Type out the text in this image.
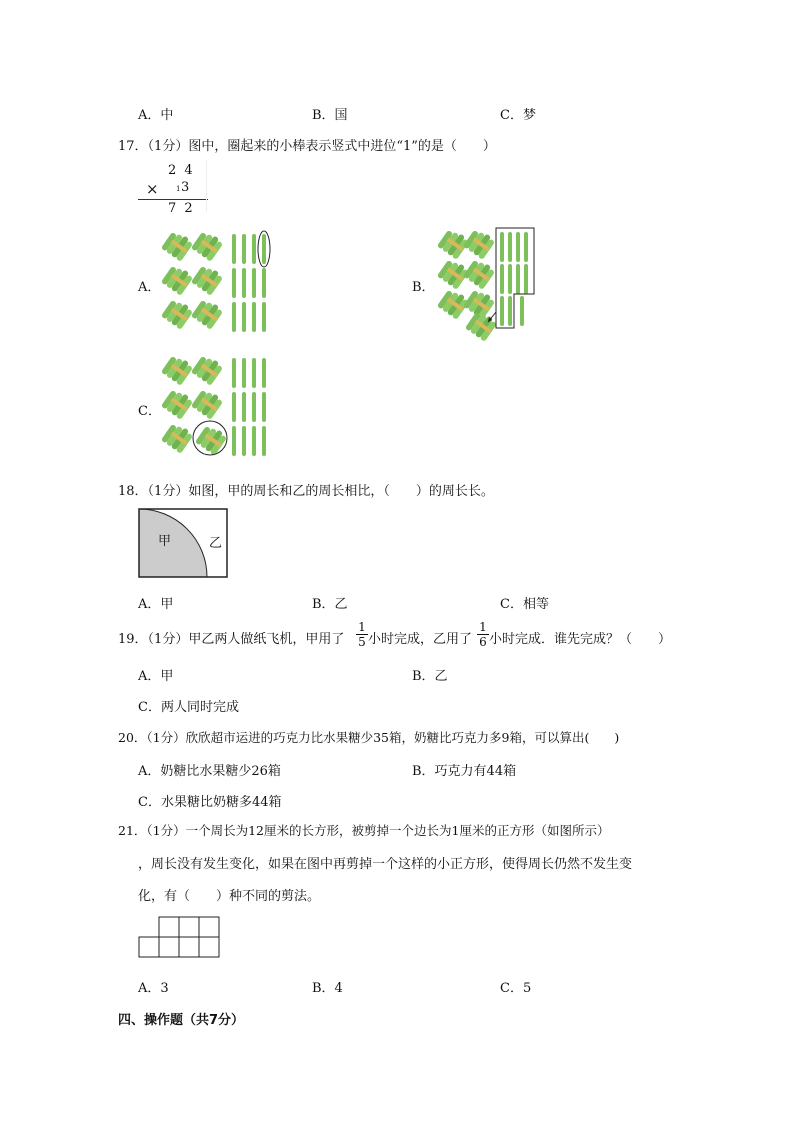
A．中	B．国	C．梦
17．（1分）图中，圈起来的小棒表示竖式中进位“1”的是（　　）
2 4
× 1 3
7 2
A．	B．
C．
18．（1分）如图，甲的周长和乙的周长相比，（　　）的周长长。
甲	乙
A．甲	B．乙	C．相等
19．（1分）甲乙两人做纸飞机，甲用了 $\frac{1}{5}$ 小时完成，乙用了 $\frac{1}{6}$ 小时完成．谁先完成？（　　）
A．甲	B．乙
C．两人同时完成
20．（1分）欣欣超市运进的巧克力比水果糖少35箱，奶糖比巧克力多9箱，可以算出(　　)
A．奶糖比水果糖少26箱	B．巧克力有44箱
C．水果糖比奶糖多44箱
21．（1分）一个周长为12厘米的长方形，被剪掉一个边长为1厘米的正方形（如图所示）
，周长没有发生变化，如果在图中再剪掉一个这样的小正方形，使得周长仍然不发生变
化，有（　　）种不同的剪法。
A．3	B．4	C．5
四、操作题（共7分）
